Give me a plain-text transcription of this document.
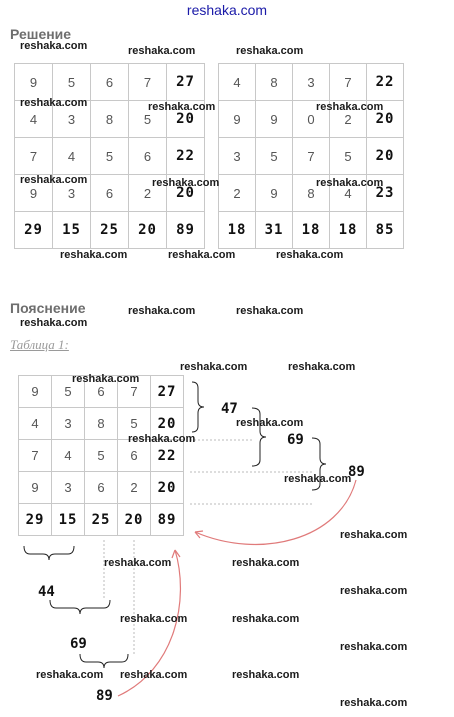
reshaka.com
Решение
9	5	6	7	27
4	3	8	5	20
7	4	5	6	22
9	3	6	2	20
29	15	25	20	89
4	8	3	7	22
9	9	0	2	20
3	5	7	5	20
2	9	8	4	23
18	31	18	18	85
Пояснение
Таблица 1:
9	5	6	7	27
4	3	8	5	20
7	4	5	6	22
9	3	6	2	20
29	15	25	20	89
47
69
89
44
69
89
reshaka.com	reshaka.com	reshaka.com
reshaka.com	reshaka.com	reshaka.com
reshaka.com	reshaka.com	reshaka.com
reshaka.com	reshaka.com	reshaka.com
reshaka.com	reshaka.com
reshaka.com
reshaka.com	reshaka.com
reshaka.com
reshaka.com
reshaka.com
reshaka.com
reshaka.com
reshaka.com	reshaka.com
reshaka.com
reshaka.com	reshaka.com
reshaka.com
reshaka.com reshaka.com	reshaka.com
reshaka.com
